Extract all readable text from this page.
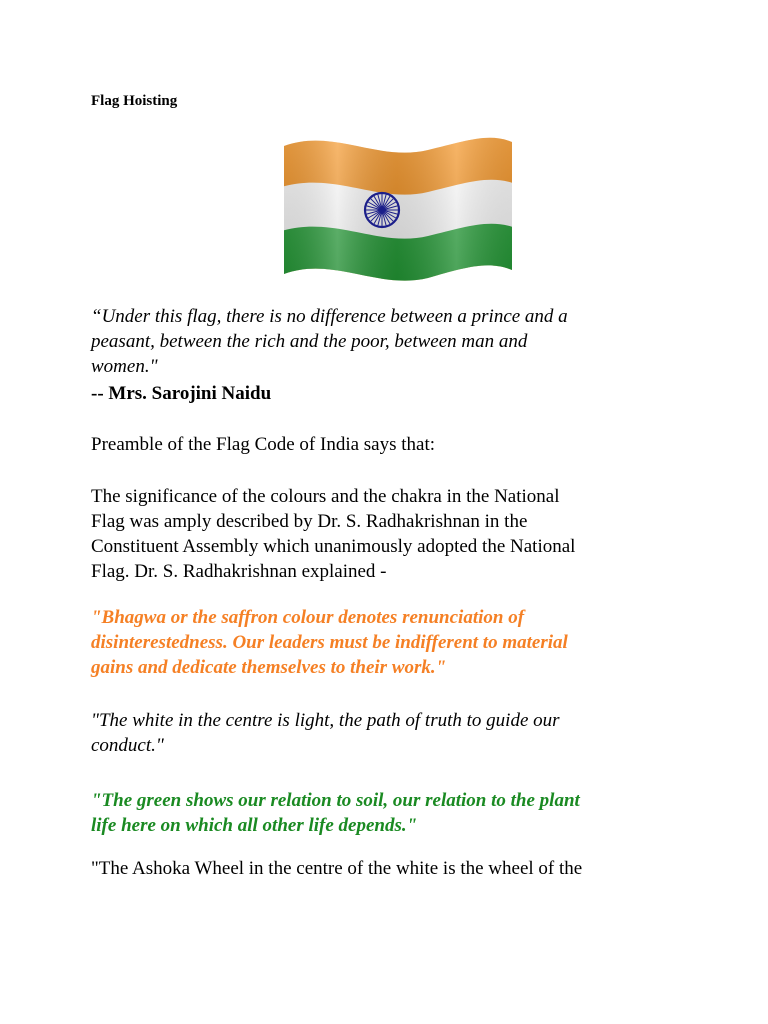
Flag Hoisting
“Under this flag, there is no difference between a prince and a
peasant, between the rich and the poor, between man and
women."
-- Mrs. Sarojini Naidu
Preamble of the Flag Code of India says that:
The significance of the colours and the chakra in the National
Flag was amply described by Dr. S. Radhakrishnan in the
Constituent Assembly which unanimously adopted the National
Flag. Dr. S. Radhakrishnan explained -
"Bhagwa or the saffron colour denotes renunciation of
disinterestedness. Our leaders must be indifferent to material
gains and dedicate themselves to their work."
"The white in the centre is light, the path of truth to guide our
conduct."
"The green shows our relation to soil, our relation to the plant
life here on which all other life depends."
"The Ashoka Wheel in the centre of the white is the wheel of the
